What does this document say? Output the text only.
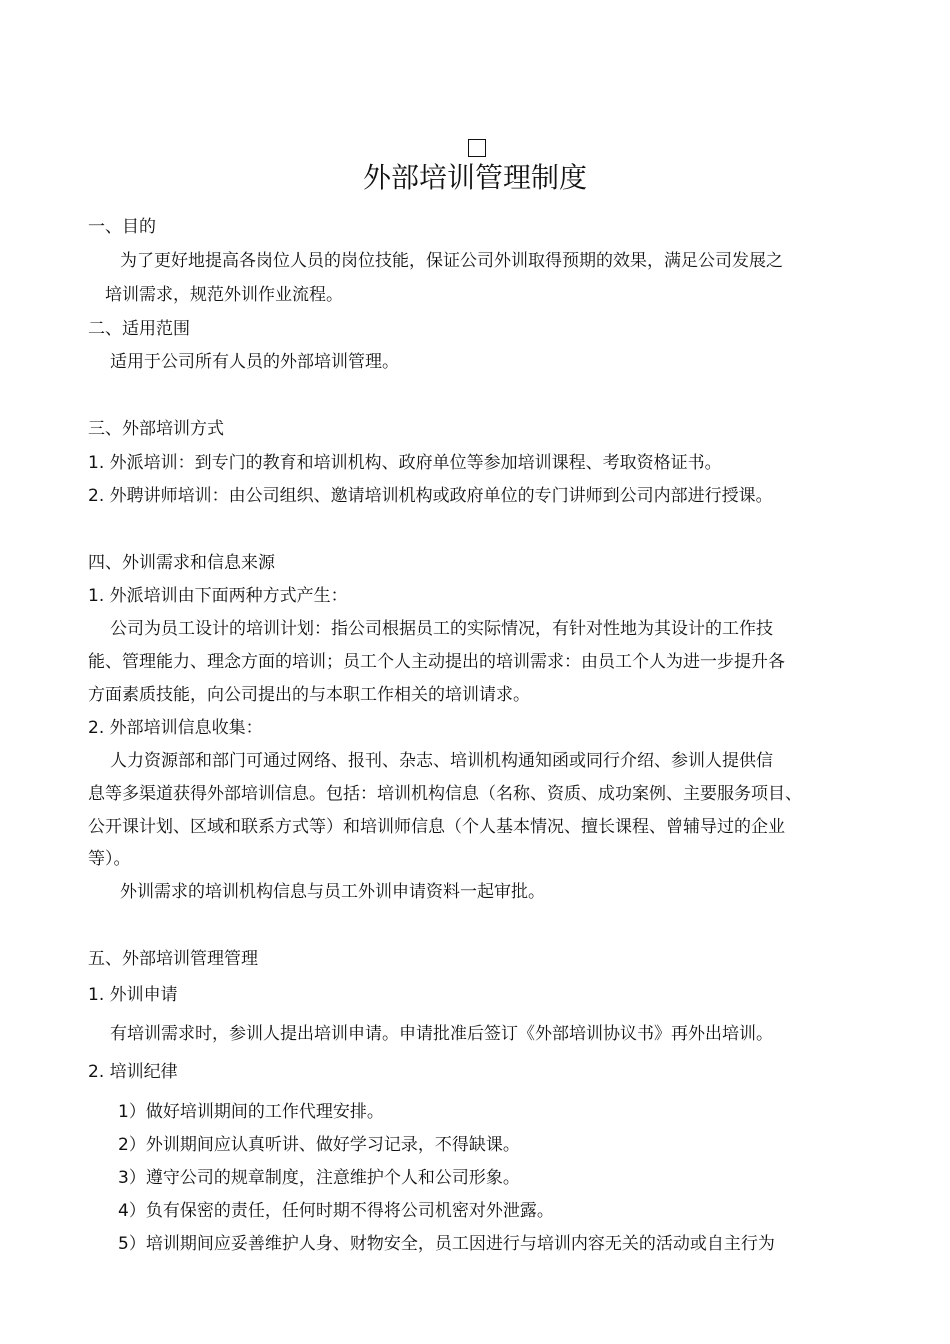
外部培训管理制度
一、目的
为了更好地提高各岗位人员的岗位技能，保证公司外训取得预期的效果，满足公司发展之
培训需求，规范外训作业流程。
二、适用范围
适用于公司所有人员的外部培训管理。
三、外部培训方式
1. 外派培训：到专门的教育和培训机构、政府单位等参加培训课程、考取资格证书。
2. 外聘讲师培训：由公司组织、邀请培训机构或政府单位的专门讲师到公司内部进行授课。
四、外训需求和信息来源
1. 外派培训由下面两种方式产生：
公司为员工设计的培训计划：指公司根据员工的实际情况，有针对性地为其设计的工作技
能、管理能力、理念方面的培训；员工个人主动提出的培训需求：由员工个人为进一步提升各
方面素质技能，向公司提出的与本职工作相关的培训请求。
2. 外部培训信息收集：
人力资源部和部门可通过网络、报刊、杂志、培训机构通知函或同行介绍、参训人提供信
息等多渠道获得外部培训信息。包括：培训机构信息（名称、资质、成功案例、主要服务项目、
公开课计划、区域和联系方式等）和培训师信息（个人基本情况、擅长课程、曾辅导过的企业
等）。
外训需求的培训机构信息与员工外训申请资料一起审批。
五、外部培训管理管理
1. 外训申请
有培训需求时，参训人提出培训申请。申请批准后签订《外部培训协议书》再外出培训。
2. 培训纪律
1）做好培训期间的工作代理安排。
2）外训期间应认真听讲、做好学习记录，不得缺课。
3）遵守公司的规章制度，注意维护个人和公司形象。
4）负有保密的责任，任何时期不得将公司机密对外泄露。
5）培训期间应妥善维护人身、财物安全，员工因进行与培训内容无关的活动或自主行为
